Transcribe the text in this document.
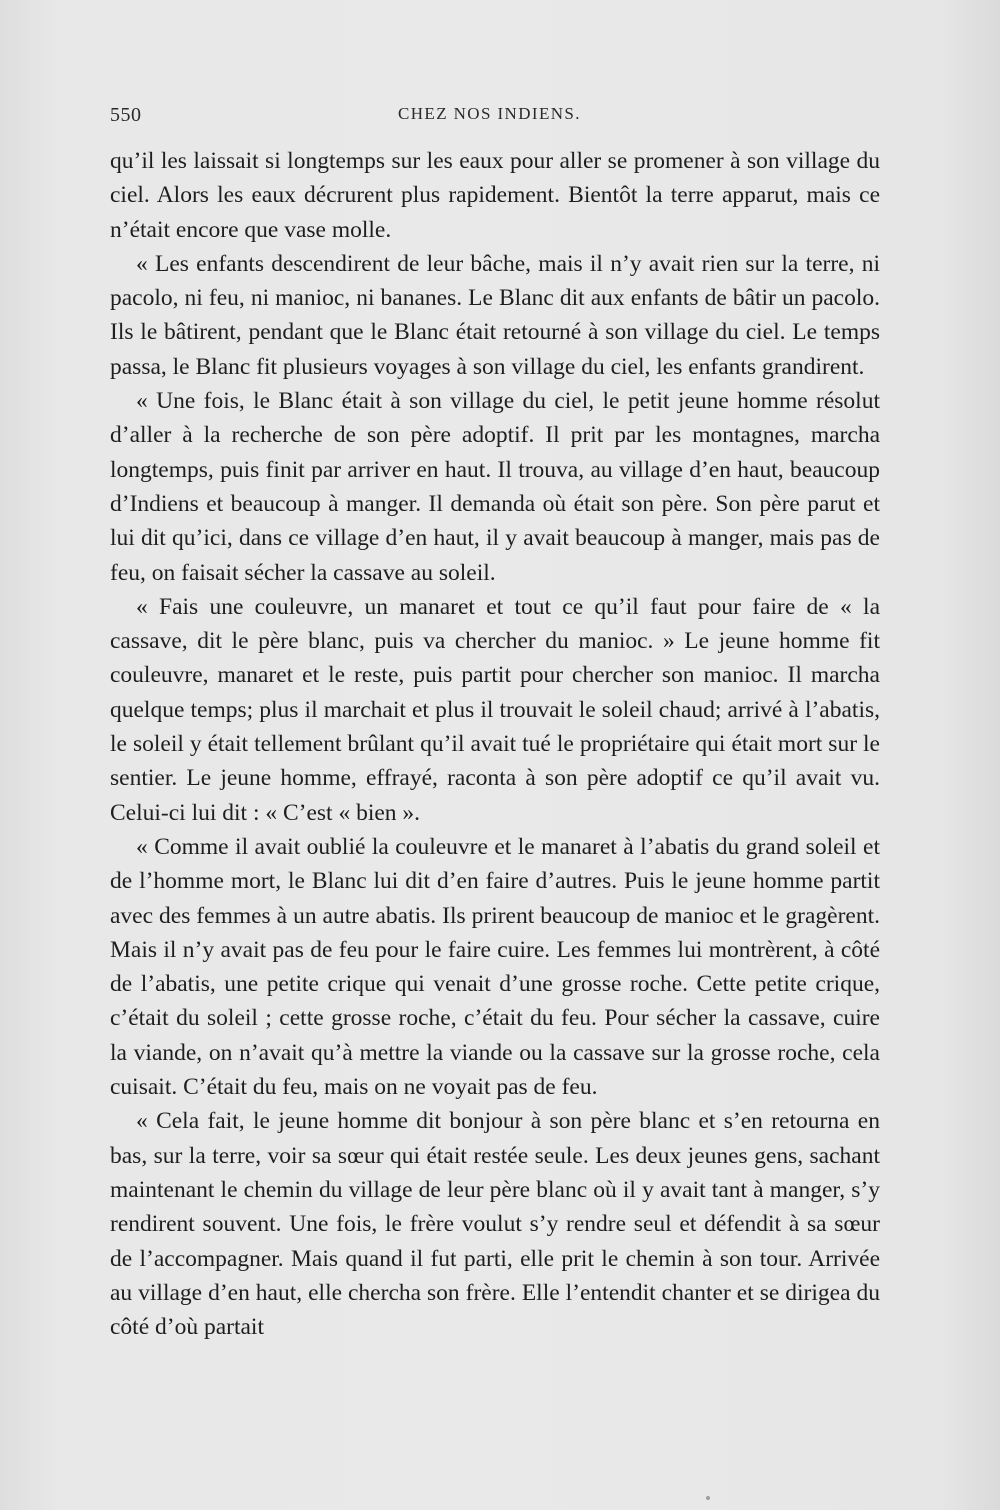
550	CHEZ NOS INDIENS.

qu’il les laissait si longtemps sur les eaux pour aller se promener à son village du ciel. Alors les eaux décrurent plus rapidement. Bientôt la terre apparut, mais ce n’était encore que vase molle.

« Les enfants descendirent de leur bâche, mais il n’y avait rien sur la terre, ni pacolo, ni feu, ni manioc, ni bananes. Le Blanc dit aux enfants de bâtir un pacolo. Ils le bâtirent, pendant que le Blanc était retourné à son village du ciel. Le temps passa, le Blanc fit plusieurs voyages à son village du ciel, les enfants grandirent.

« Une fois, le Blanc était à son village du ciel, le petit jeune homme résolut d’aller à la recherche de son père adoptif. Il prit par les montagnes, marcha longtemps, puis finit par arriver en haut. Il trouva, au village d’en haut, beaucoup d’Indiens et beaucoup à manger. Il demanda où était son père. Son père parut et lui dit qu’ici, dans ce village d’en haut, il y avait beaucoup à manger, mais pas de feu, on faisait sécher la cassave au soleil.

« Fais une couleuvre, un manaret et tout ce qu’il faut pour faire de « la cassave, dit le père blanc, puis va chercher du manioc. » Le jeune homme fit couleuvre, manaret et le reste, puis partit pour chercher son manioc. Il marcha quelque temps; plus il marchait et plus il trouvait le soleil chaud; arrivé à l’abatis, le soleil y était tellement brûlant qu’il avait tué le propriétaire qui était mort sur le sentier. Le jeune homme, effrayé, raconta à son père adoptif ce qu’il avait vu. Celui-ci lui dit : « C’est « bien ».

« Comme il avait oublié la couleuvre et le manaret à l’abatis du grand soleil et de l’homme mort, le Blanc lui dit d’en faire d’autres. Puis le jeune homme partit avec des femmes à un autre abatis. Ils prirent beaucoup de manioc et le gragèrent. Mais il n’y avait pas de feu pour le faire cuire. Les femmes lui montrèrent, à côté de l’abatis, une petite crique qui venait d’une grosse roche. Cette petite crique, c’était du soleil ; cette grosse roche, c’était du feu. Pour sécher la cassave, cuire la viande, on n’avait qu’à mettre la viande ou la cassave sur la grosse roche, cela cuisait. C’était du feu, mais on ne voyait pas de feu.

« Cela fait, le jeune homme dit bonjour à son père blanc et s’en retourna en bas, sur la terre, voir sa sœur qui était restée seule. Les deux jeunes gens, sachant maintenant le chemin du village de leur père blanc où il y avait tant à manger, s’y rendirent souvent. Une fois, le frère voulut s’y rendre seul et défendit à sa sœur de l’accompagner. Mais quand il fut parti, elle prit le chemin à son tour. Arrivée au village d’en haut, elle chercha son frère. Elle l’entendit chanter et se dirigea du côté d’où partait
